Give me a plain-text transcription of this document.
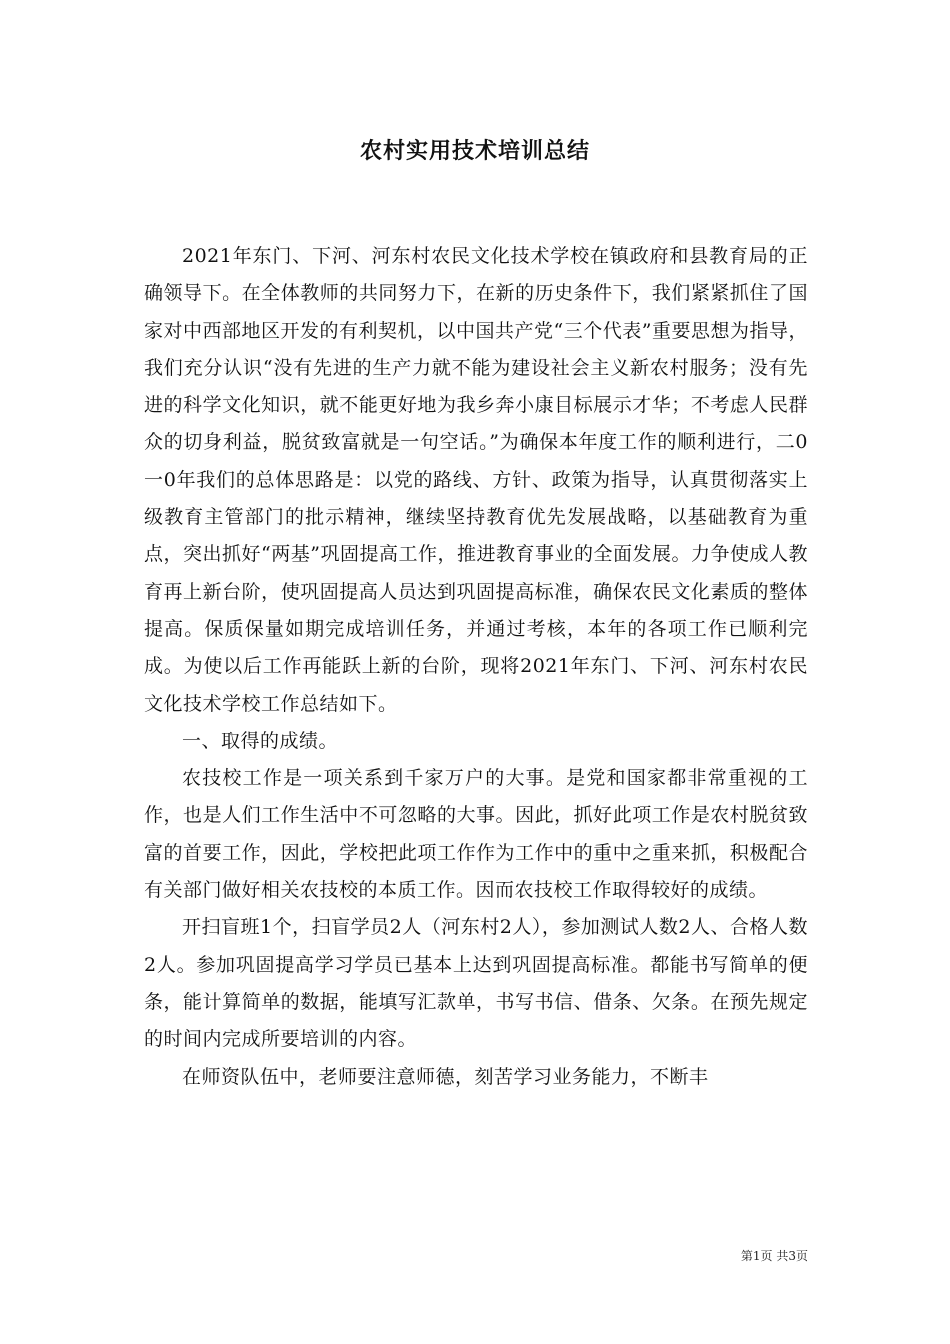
农村实用技术培训总结

2021年东门、下河、河东村农民文化技术学校在镇政府和县教育局的正确领导下。在全体教师的共同努力下，在新的历史条件下，我们紧紧抓住了国家对中西部地区开发的有利契机，以中国共产党“三个代表”重要思想为指导，我们充分认识“没有先进的生产力就不能为建设社会主义新农村服务；没有先进的科学文化知识，就不能更好地为我乡奔小康目标展示才华；不考虑人民群众的切身利益，脱贫致富就是一句空话。”为确保本年度工作的顺利进行，二0一0年我们的总体思路是：以党的路线、方针、政策为指导，认真贯彻落实上级教育主管部门的批示精神，继续坚持教育优先发展战略，以基础教育为重点，突出抓好“两基”巩固提高工作，推进教育事业的全面发展。力争使成人教育再上新台阶，使巩固提高人员达到巩固提高标准，确保农民文化素质的整体提高。保质保量如期完成培训任务，并通过考核，本年的各项工作已顺利完成。为使以后工作再能跃上新的台阶，现将2021年东门、下河、河东村农民文化技术学校工作总结如下。

一、取得的成绩。

农技校工作是一项关系到千家万户的大事。是党和国家都非常重视的工作，也是人们工作生活中不可忽略的大事。因此，抓好此项工作是农村脱贫致富的首要工作，因此，学校把此项工作作为工作中的重中之重来抓，积极配合有关部门做好相关农技校的本质工作。因而农技校工作取得较好的成绩。

开扫盲班1个，扫盲学员2人（河东村2人），参加测试人数2人、合格人数2人。参加巩固提高学习学员已基本上达到巩固提高标准。都能书写简单的便条，能计算简单的数据，能填写汇款单，书写书信、借条、欠条。在预先规定的时间内完成所要培训的内容。

在师资队伍中，老师要注意师德，刻苦学习业务能力，不断丰

第1页 共3页
